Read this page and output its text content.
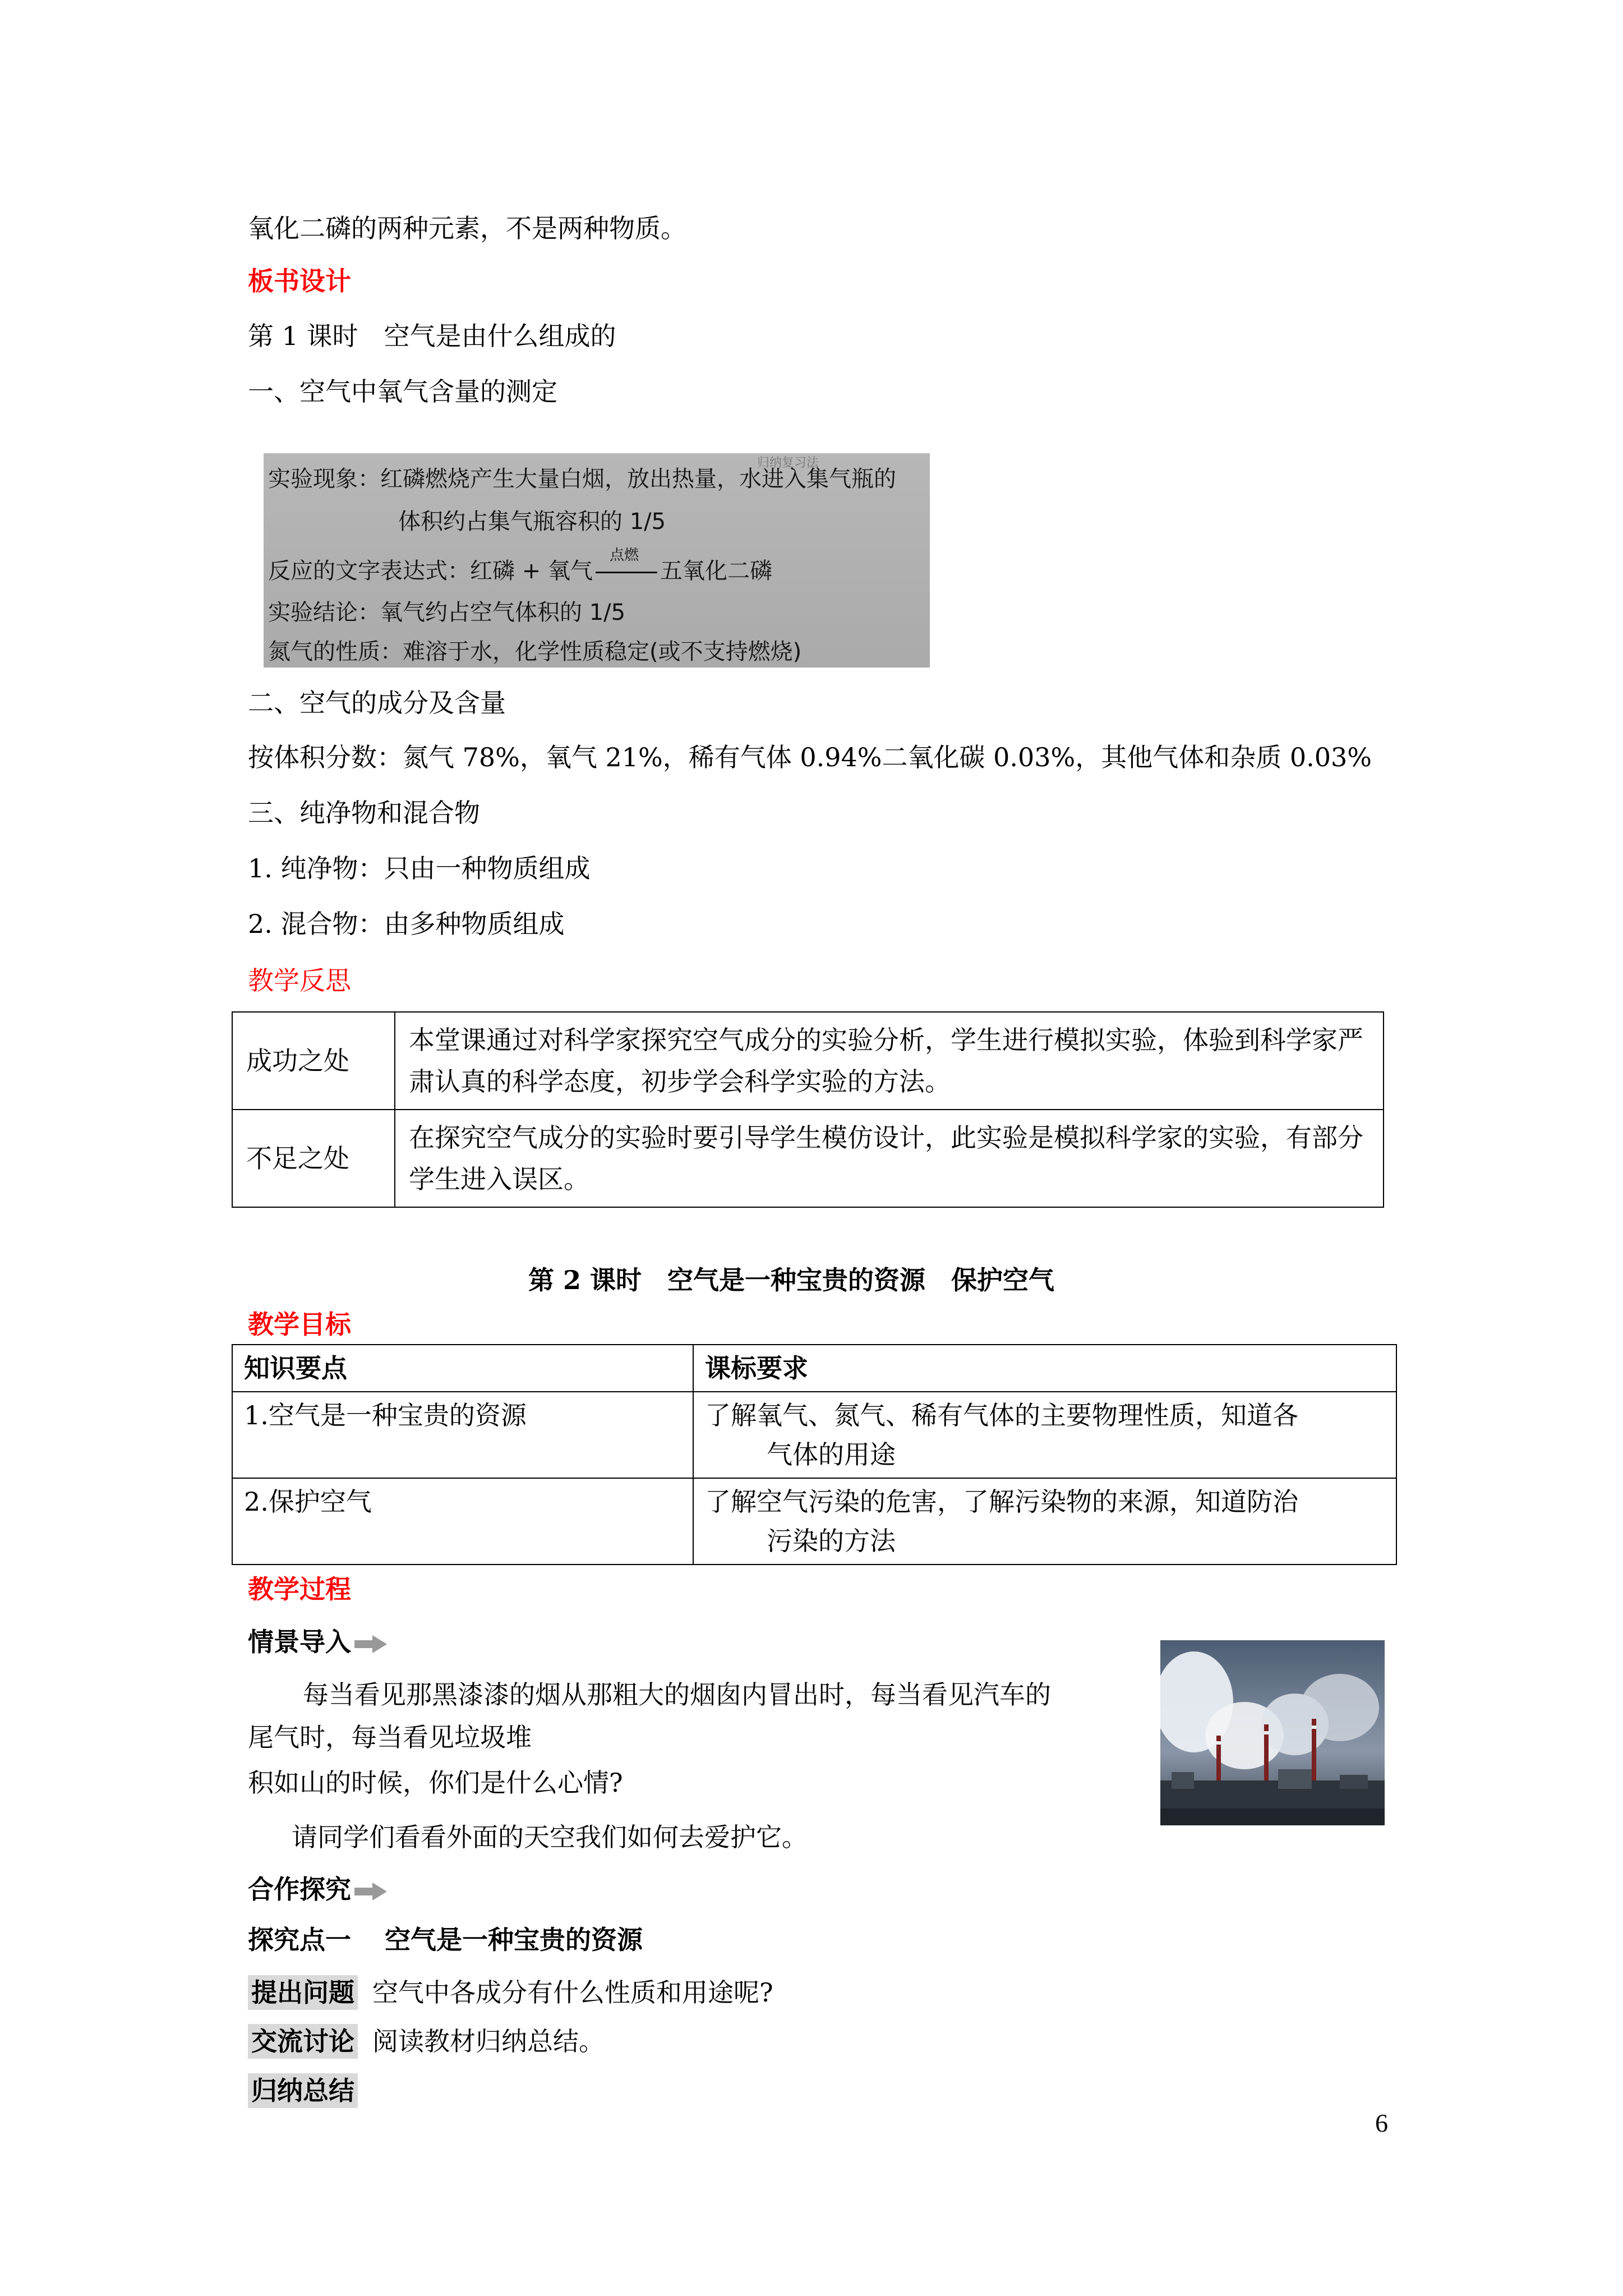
氧化二磷的两种元素，不是两种物质。
板书设计
第 1 课时　空气是由什么组成的
一、空气中氧气含量的测定
归纳复习法
实验现象：红磷燃烧产生大量白烟，放出热量，水进入集气瓶的
体积约占集气瓶容积的 1/5
反应的文字表达式：红磷 + 氧气
点燃
五氧化二磷
实验结论：氧气约占空气体积的 1/5
氮气的性质：难溶于水，化学性质稳定(或不支持燃烧)
二、空气的成分及含量
按体积分数：氮气 78%，氧气 21%，稀有气体 0.94%二氧化碳 0.03%，其他气体和杂质 0.03%
三、纯净物和混合物
1. 纯净物：只由一种物质组成
2. 混合物：由多种物质组成
教学反思
成功之处	本堂课通过对科学家探究空气成分的实验分析，学生进行模拟实验，体验到科学家严肃认真的科学态度，初步学会科学实验的方法。
不足之处	在探究空气成分的实验时要引导学生模仿设计，此实验是模拟科学家的实验，有部分学生进入误区。
第 2 课时　空气是一种宝贵的资源　保护空气
教学目标
知识要点	课标要求
1.空气是一种宝贵的资源	了解氧气、氮气、稀有气体的主要物理性质，知道各
气体的用途

2.保护空气	了解空气污染的危害，了解污染物的来源，知道防治
污染的方法
教学过程
情景导入
每当看见那黑漆漆的烟从那粗大的烟囱内冒出时，每当看见汽车的
尾气时，每当看见垃圾堆
积如山的时候，你们是什么心情?
请同学们看看外面的天空我们如何去爱护它。
合作探究
探究点一 空气是一种宝贵的资源
提出问题 空气中各成分有什么性质和用途呢?
交流讨论 阅读教材归纳总结。
归纳总结
6
